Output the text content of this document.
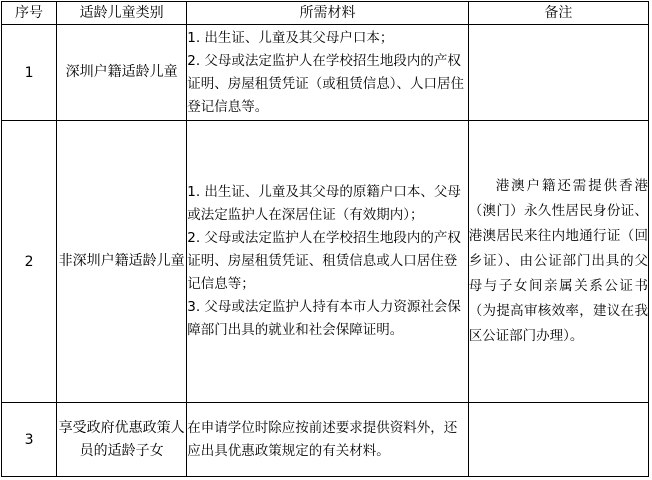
序号	适龄儿童类别	所需材料	备注
1	深圳户籍适龄儿童	1. 出生证、儿童及其父母户口本；
2. 父母或法定监护人在学校招生地段内的产权证明、房屋租赁凭证（或租赁信息）、人口居住登记信息等。	

2	非深圳户籍适龄儿童	1. 出生证、儿童及其父母的原籍户口本、父母或法定监护人在深居住证（有效期内）；
2. 父母或法定监护人在学校招生地段内的产权证明、房屋租赁凭证、租赁信息或人口居住登记信息等；
3. 父母或法定监护人持有本市人力资源社会保障部门出具的就业和社会保障证明。	港澳户籍还需提供香港（澳门）永久性居民身份证、港澳居民来往内地通行证（回乡证）、由公证部门出具的父母与子女间亲属关系公证书（为提高审核效率，建议在我区公证部门办理）。

3	享受政府优惠政策人员的适龄子女	在申请学位时除应按前述要求提供资料外，还应出具优惠政策规定的有关材料。	
